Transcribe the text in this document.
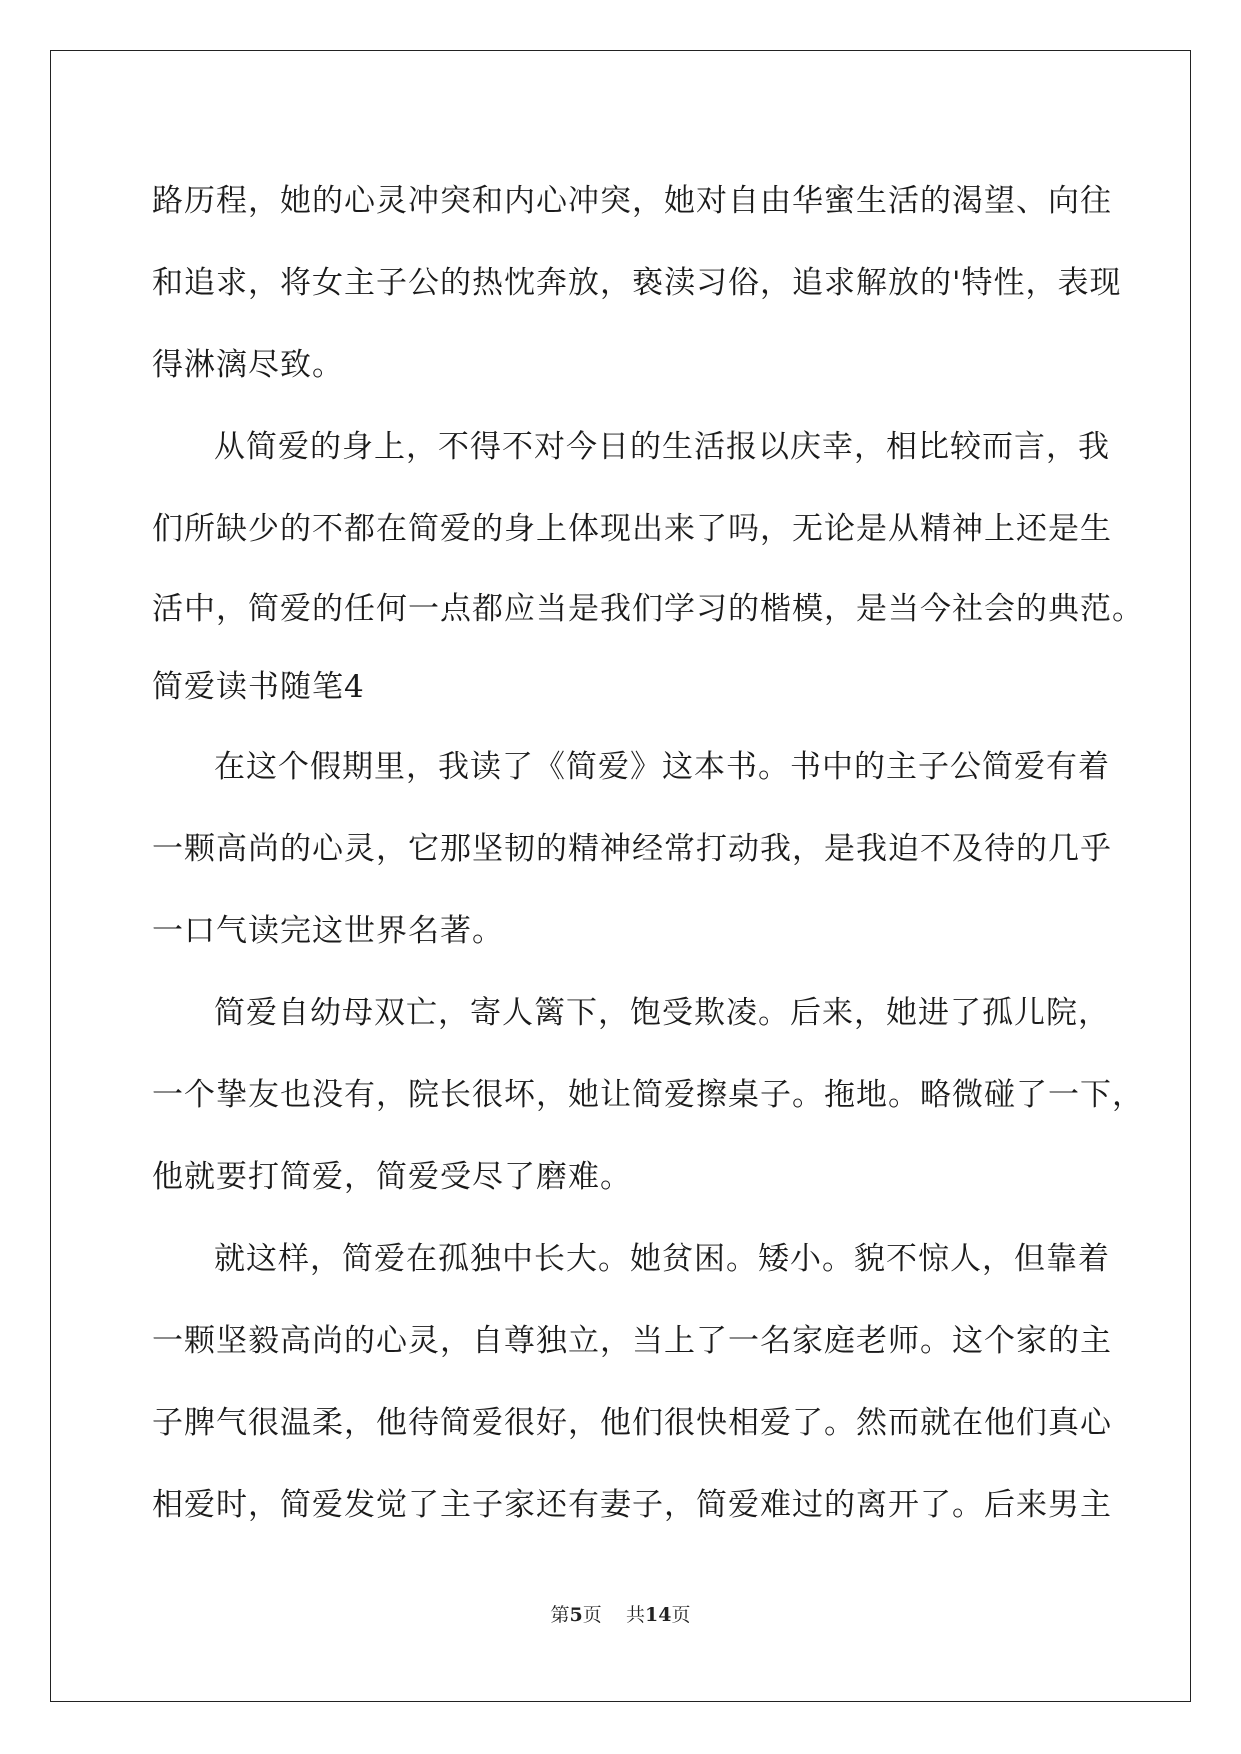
路历程，她的心灵冲突和内心冲突，她对自由华蜜生活的渴望、向往
和追求，将女主子公的热忱奔放，亵渎习俗，追求解放的'特性，表现
得淋漓尽致。
从简爱的身上，不得不对今日的生活报以庆幸，相比较而言，我
们所缺少的不都在简爱的身上体现出来了吗，无论是从精神上还是生
活中，简爱的任何一点都应当是我们学习的楷模，是当今社会的典范。
简爱读书随笔4
在这个假期里，我读了《简爱》这本书。书中的主子公简爱有着
一颗高尚的心灵，它那坚韧的精神经常打动我，是我迫不及待的几乎
一口气读完这世界名著。
简爱自幼母双亡，寄人篱下，饱受欺凌。后来，她进了孤儿院，
一个挚友也没有，院长很坏，她让简爱擦桌子。拖地。略微碰了一下，
他就要打简爱，简爱受尽了磨难。
就这样，简爱在孤独中长大。她贫困。矮小。貌不惊人，但靠着
一颗坚毅高尚的心灵，自尊独立，当上了一名家庭老师。这个家的主
子脾气很温柔，他待简爱很好，他们很快相爱了。然而就在他们真心
相爱时，简爱发觉了主子家还有妻子，简爱难过的离开了。后来男主
第5页 共14页
